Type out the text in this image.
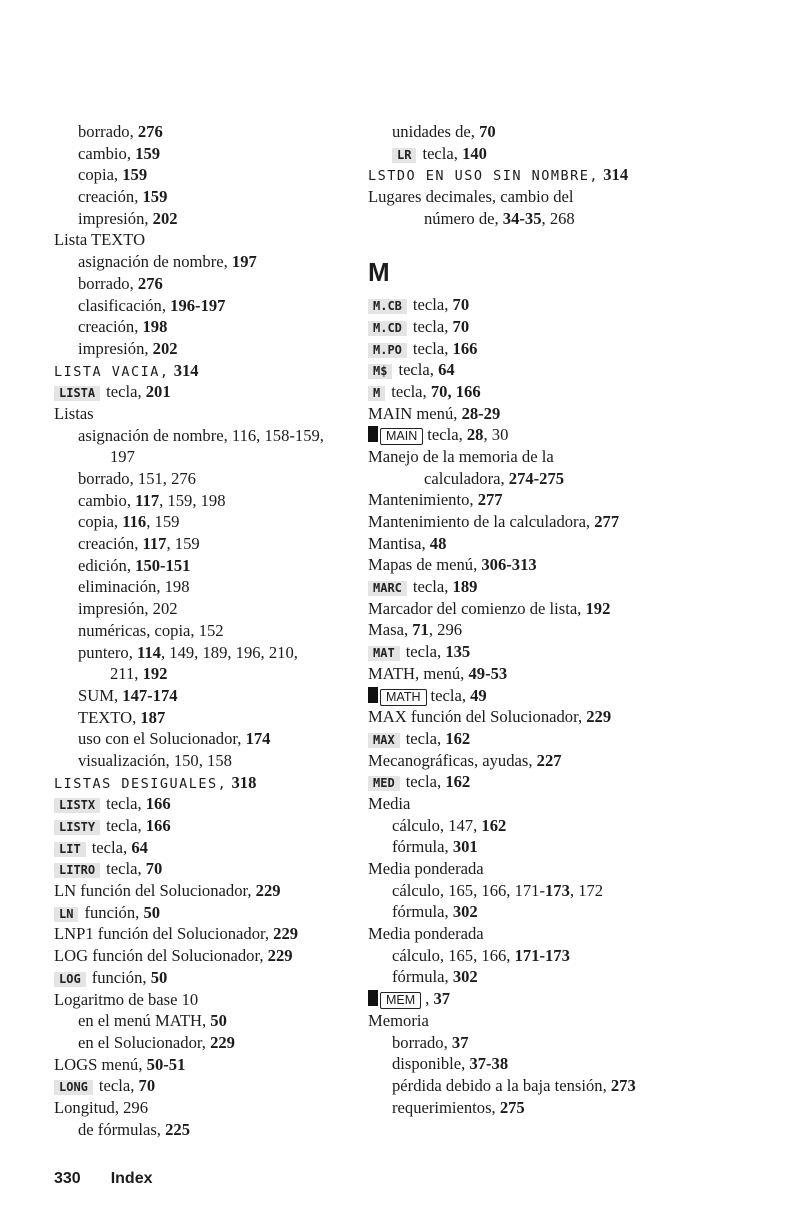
borrado, 276
cambio, 159
copia, 159
creación, 159
impresión, 202
Lista TEXTO
asignación de nombre, 197
borrado, 276
clasificación, 196-197
creación, 198
impresión, 202
LISTA VACIA, 314
LISTA tecla, 201
Listas
asignación de nombre, 116, 158-159,
197
borrado, 151, 276
cambio, 117, 159, 198
copia, 116, 159
creación, 117, 159
edición, 150-151
eliminación, 198
impresión, 202
numéricas, copia, 152
puntero, 114, 149, 189, 196, 210,
211, 192
SUM, 147-174
TEXTO, 187
uso con el Solucionador, 174
visualización, 150, 158
LISTAS DESIGUALES, 318
LISTX tecla, 166
LISTY tecla, 166
LIT tecla, 64
LITRO tecla, 70
LN función del Solucionador, 229
LN función, 50
LNP1 función del Solucionador, 229
LOG función del Solucionador, 229
LOG función, 50
Logaritmo de base 10
en el menú MATH, 50
en el Solucionador, 229
LOGS menú, 50-51
LONG tecla, 70
Longitud, 296
de fórmulas, 225
unidades de, 70
LR tecla, 140
LSTDO EN USO SIN NOMBRE, 314
Lugares decimales, cambio del
número de, 34-35, 268
M
M.CB tecla, 70
M.CD tecla, 70
M.PO tecla, 166
M$ tecla, 64
M tecla, 70, 166
MAIN menú, 28-29
MAIN tecla, 28, 30
Manejo de la memoria de la
calculadora, 274-275
Mantenimiento, 277
Mantenimiento de la calculadora, 277
Mantisa, 48
Mapas de menú, 306-313
MARC tecla, 189
Marcador del comienzo de lista, 192
Masa, 71, 296
MAT tecla, 135
MATH, menú, 49-53
MATH tecla, 49
MAX función del Solucionador, 229
MAX tecla, 162
Mecanográficas, ayudas, 227
MED tecla, 162
Media
cálculo, 147, 162
fórmula, 301
Media ponderada
cálculo, 165, 166, 171-173, 172
fórmula, 302
Media ponderada
cálculo, 165, 166, 171-173
fórmula, 302
MEM , 37
Memoria
borrado, 37
disponible, 37-38
pérdida debido a la baja tensión, 273
requerimientos, 275
330 Index
